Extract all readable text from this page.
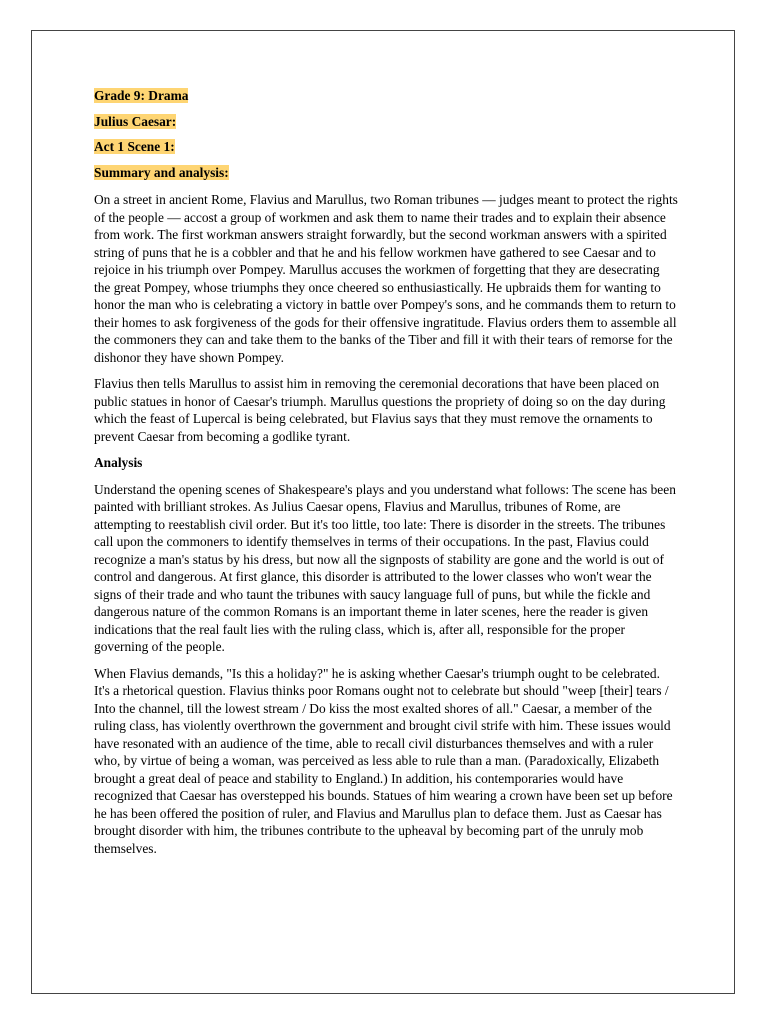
Grade 9: Drama
Julius Caesar:
Act 1 Scene 1:
Summary and analysis:

On a street in ancient Rome, Flavius and Marullus, two Roman tribunes — judges meant to protect the rights of the people — accost a group of workmen and ask them to name their trades and to explain their absence from work. The first workman answers straight forwardly, but the second workman answers with a spirited string of puns that he is a cobbler and that he and his fellow workmen have gathered to see Caesar and to rejoice in his triumph over Pompey. Marullus accuses the workmen of forgetting that they are desecrating the great Pompey, whose triumphs they once cheered so enthusiastically. He upbraids them for wanting to honor the man who is celebrating a victory in battle over Pompey's sons, and he commands them to return to their homes to ask forgiveness of the gods for their offensive ingratitude. Flavius orders them to assemble all the commoners they can and take them to the banks of the Tiber and fill it with their tears of remorse for the dishonor they have shown Pompey.

Flavius then tells Marullus to assist him in removing the ceremonial decorations that have been placed on public statues in honor of Caesar's triumph. Marullus questions the propriety of doing so on the day during which the feast of Lupercal is being celebrated, but Flavius says that they must remove the ornaments to prevent Caesar from becoming a godlike tyrant.

Analysis

Understand the opening scenes of Shakespeare's plays and you understand what follows: The scene has been painted with brilliant strokes. As Julius Caesar opens, Flavius and Marullus, tribunes of Rome, are attempting to reestablish civil order. But it's too little, too late: There is disorder in the streets. The tribunes call upon the commoners to identify themselves in terms of their occupations. In the past, Flavius could recognize a man's status by his dress, but now all the signposts of stability are gone and the world is out of control and dangerous. At first glance, this disorder is attributed to the lower classes who won't wear the signs of their trade and who taunt the tribunes with saucy language full of puns, but while the fickle and dangerous nature of the common Romans is an important theme in later scenes, here the reader is given indications that the real fault lies with the ruling class, which is, after all, responsible for the proper governing of the people.

When Flavius demands, "Is this a holiday?" he is asking whether Caesar's triumph ought to be celebrated. It's a rhetorical question. Flavius thinks poor Romans ought not to celebrate but should "weep [their] tears / Into the channel, till the lowest stream / Do kiss the most exalted shores of all." Caesar, a member of the ruling class, has violently overthrown the government and brought civil strife with him. These issues would have resonated with an audience of the time, able to recall civil disturbances themselves and with a ruler who, by virtue of being a woman, was perceived as less able to rule than a man. (Paradoxically, Elizabeth brought a great deal of peace and stability to England.) In addition, his contemporaries would have recognized that Caesar has overstepped his bounds. Statues of him wearing a crown have been set up before he has been offered the position of ruler, and Flavius and Marullus plan to deface them. Just as Caesar has brought disorder with him, the tribunes contribute to the upheaval by becoming part of the unruly mob themselves.
